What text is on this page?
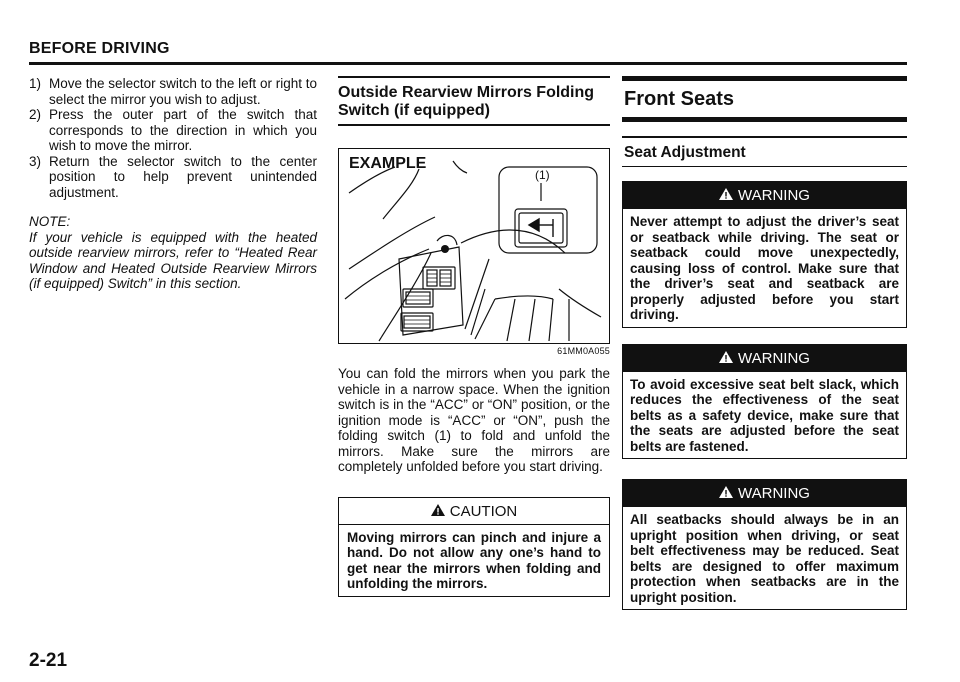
BEFORE DRIVING
1) Move the selector switch to the left or right to select the mirror you wish to adjust.
2) Press the outer part of the switch that corresponds to the direction in which you wish to move the mirror.
3) Return the selector switch to the center position to help prevent unintended adjustment.
NOTE:
If your vehicle is equipped with the heated outside rearview mirrors, refer to “Heated Rear Window and Heated Outside Rearview Mirrors (if equipped) Switch” in this section.
Outside Rearview Mirrors Folding Switch (if equipped)
(1)
EXAMPLE
61MM0A055
You can fold the mirrors when you park the vehicle in a narrow space. When the ignition switch is in the “ACC” or “ON” position, or the ignition mode is “ACC” or “ON”, push the folding switch (1) to fold and unfold the mirrors. Make sure the mirrors are completely unfolded before you start driving.
CAUTION
Moving mirrors can pinch and injure a hand. Do not allow any one’s hand to get near the mirrors when folding and unfolding the mirrors.
Front Seats
Seat Adjustment
WARNING
Never attempt to adjust the driver’s seat or seatback while driving. The seat or seatback could move unexpectedly, causing loss of control. Make sure that the driver’s seat and seatback are properly adjusted before you start driving.
WARNING
To avoid excessive seat belt slack, which reduces the effectiveness of the seat belts as a safety device, make sure that the seats are adjusted before the seat belts are fastened.
WARNING
All seatbacks should always be in an upright position when driving, or seat belt effectiveness may be reduced. Seat belts are designed to offer maximum protection when seatbacks are in the upright position.
2-21
